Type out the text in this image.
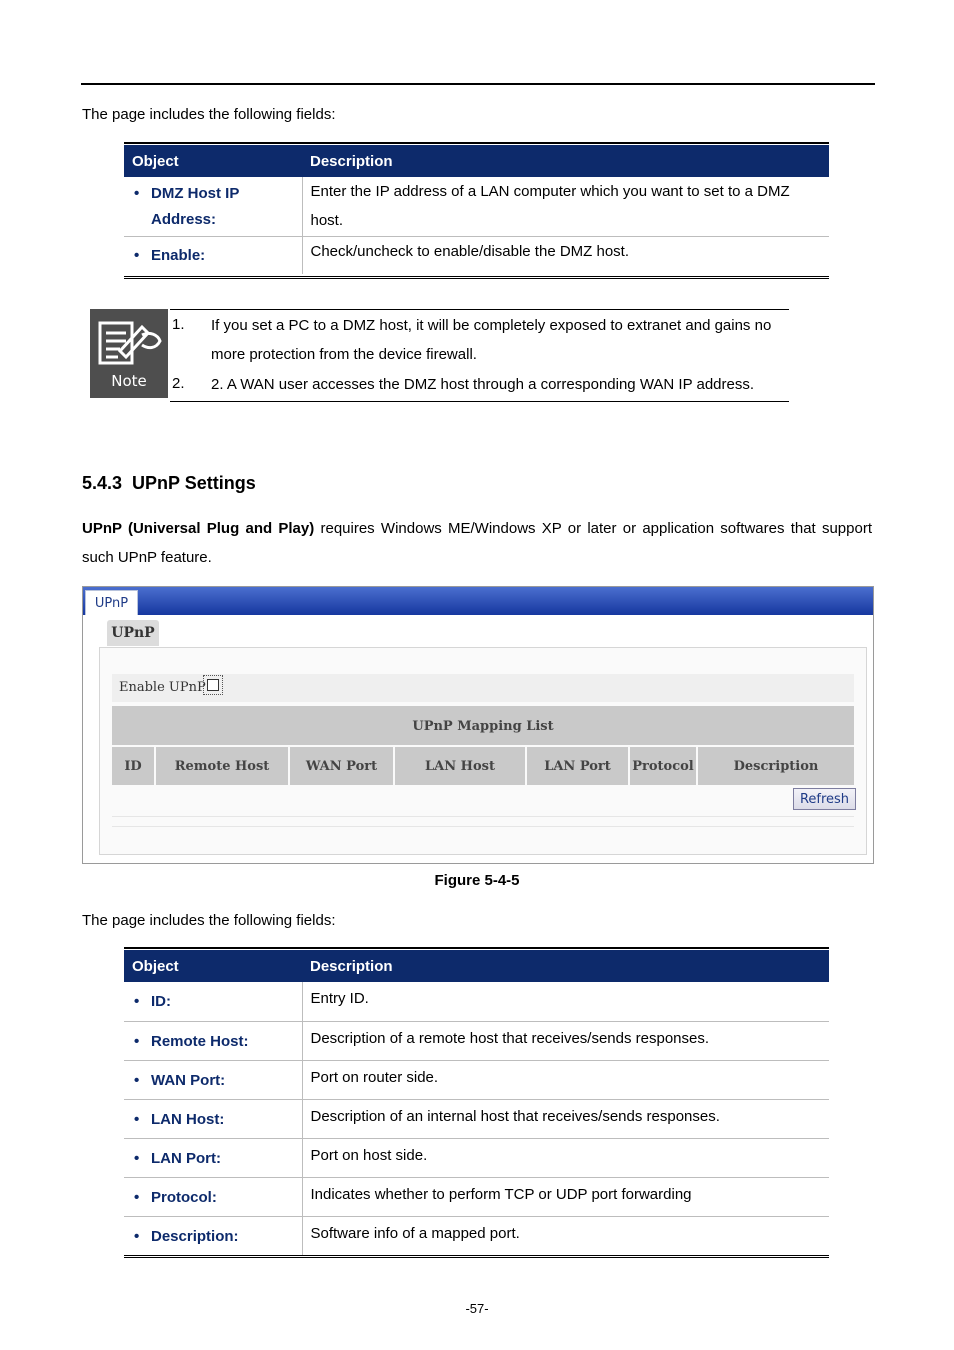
The page includes the following fields:
Object	Description

• DMZ Host IP Address:	Enter the IP address of a LAN computer which you want to set to a DMZ host.

• Enable:	Check/uncheck to enable/disable the DMZ host.
Note
1. If you set a PC to a DMZ host, it will be completely exposed to extranet and gains no more protection from the device firewall.
2. 2. A WAN user accesses the DMZ host through a corresponding WAN IP address.
5.4.3  UPnP Settings
UPnP (Universal Plug and Play) requires Windows ME/Windows XP or later or application softwares that support such UPnP feature.
UPnP
UPnP
Enable UPnP
UPnP Mapping List
ID	Remote Host	WAN Port	LAN Host	LAN Port	Protocol	Description
Refresh
Figure 5-4-5
The page includes the following fields:
Object	Description

• ID:	Entry ID.

• Remote Host:	Description of a remote host that receives/sends responses.

• WAN Port:	Port on router side.

• LAN Host:	Description of an internal host that receives/sends responses.

• LAN Port:	Port on host side.

• Protocol:	Indicates whether to perform TCP or UDP port forwarding

• Description:	Software info of a mapped port.
-57-
